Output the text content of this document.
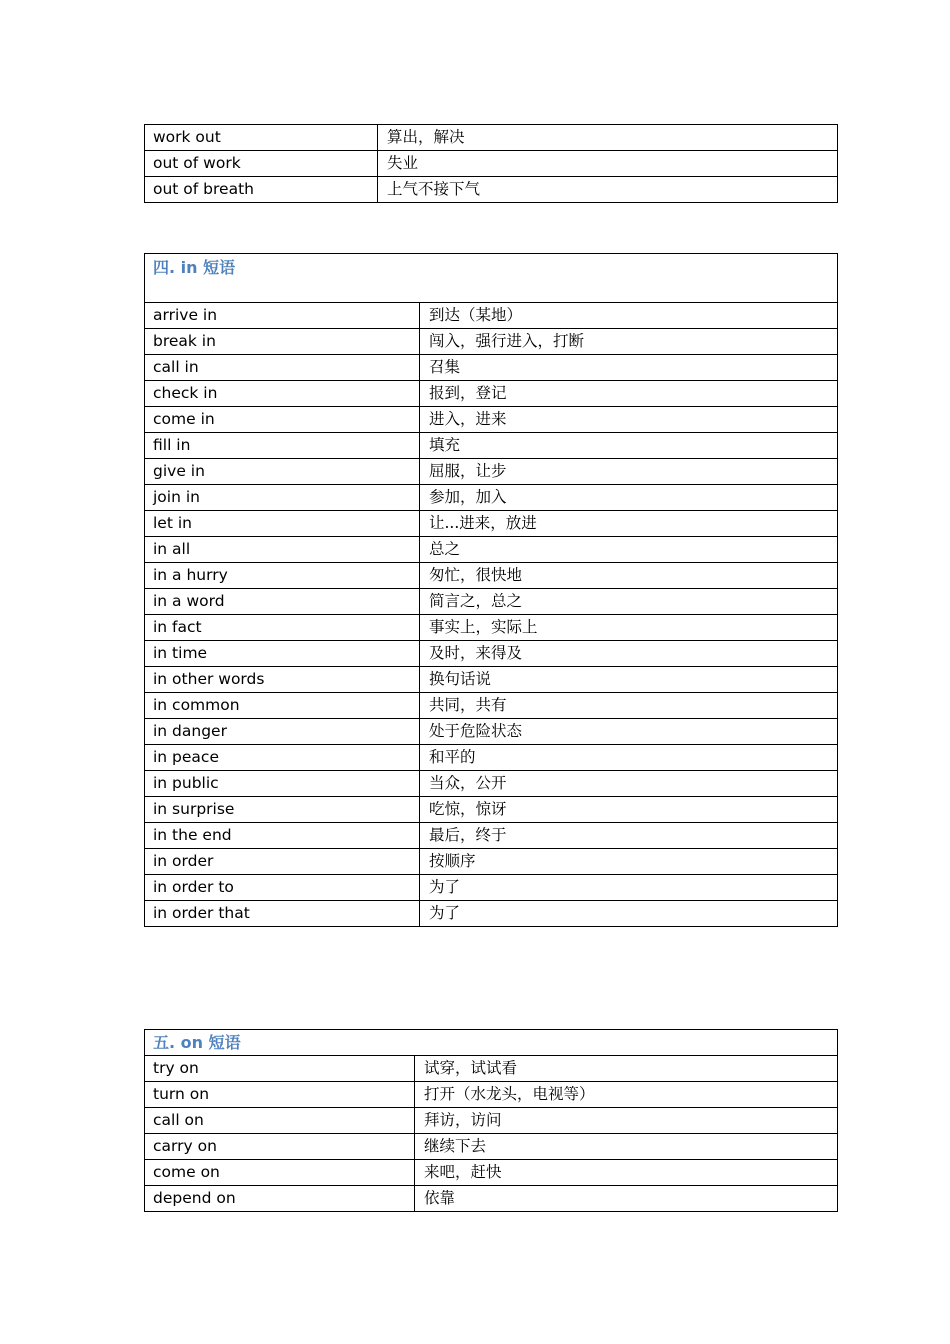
work out	算出，解决
out of work	失业
out of breath	上气不接下气
四. in 短语	
arrive in	到达（某地）
break in	闯入，强行进入，打断
call in	召集
check in	报到，登记
come in	进入，进来
fill in	填充
give in	屈服，让步
join in	参加，加入
let in	让...进来，放进
in all	总之
in a hurry	匆忙，很快地
in a word	简言之，总之
in fact	事实上，实际上
in time	及时，来得及
in other words	换句话说
in common	共同，共有
in danger	处于危险状态
in peace	和平的
in public	当众，公开
in surprise	吃惊，惊讶
in the end	最后，终于
in order	按顺序
in order to	为了
in order that	为了
五. on 短语	
try on	试穿，试试看
turn on	打开（水龙头，电视等）
call on	拜访，访问
carry on	继续下去
come on	来吧，赶快
depend on	依靠
